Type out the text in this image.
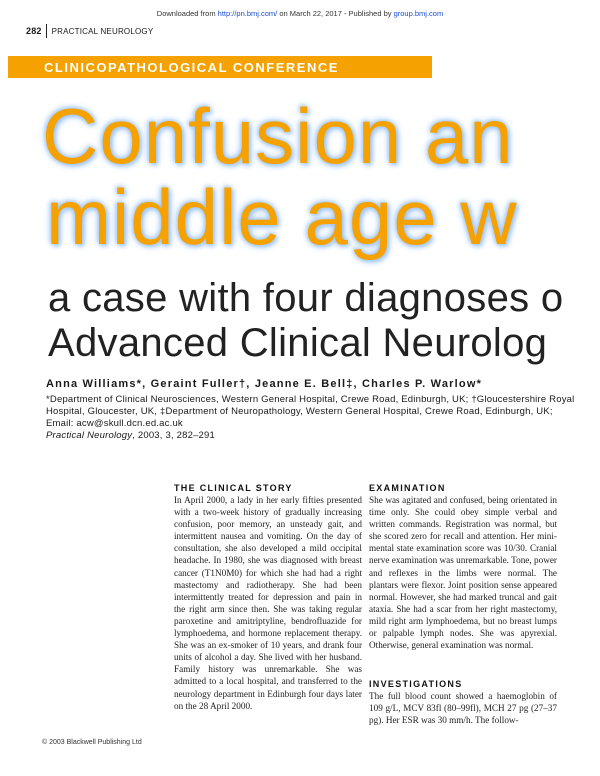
Downloaded from http://pn.bmj.com/ on March 22, 2017 - Published by group.bmj.com
282 PRACTICAL NEUROLOGY
CLINICOPATHOLOGICAL CONFERENCE
Confusion an
middle age w
a case with four diagnoses o
Advanced Clinical Neurolog
Anna Williams*, Geraint Fuller†, Jeanne E. Bell‡, Charles P. Warlow*
*Department of Clinical Neurosciences, Western General Hospital, Crewe Road, Edinburgh, UK; †Gloucestershire Royal Hospital, Gloucester, UK, ‡Department of Neuropathology, Western General Hospital, Crewe Road, Edinburgh, UK; Email: acw@skull.dcn.ed.ac.uk
Practical Neurology, 2003, 3, 282–291
THE CLINICAL STORY
In April 2000, a lady in her early fifties presented with a two-week history of gradually increasing confusion, poor memory, an unsteady gait, and intermittent nausea and vomiting. On the day of consultation, she also developed a mild occipital headache. In 1980, she was diagnosed with breast cancer (T1N0M0) for which she had had a right mastectomy and radiotherapy. She had been intermittently treated for depression and pain in the right arm since then. She was taking regular paroxetine and amitriptyline, bendrofluazide for lymphoedema, and hormone replacement therapy. She was an ex-smoker of 10 years, and drank four units of alcohol a day. She lived with her husband. Family history was unremarkable. She was admitted to a local hospital, and transferred to the neurology department in Edinburgh four days later on the 28 April 2000.
EXAMINATION
She was agitated and confused, being orientated in time only. She could obey simple verbal and written commands. Registration was normal, but she scored zero for recall and attention. Her mini-mental state examination score was 10/30. Cranial nerve examination was unremarkable. Tone, power and reflexes in the limbs were normal. The plantars were flexor. Joint position sense appeared normal. However, she had marked truncal and gait ataxia. She had a scar from her right mastectomy, mild right arm lymphoedema, but no breast lumps or palpable lymph nodes. She was apyrexial. Otherwise, general examination was normal.
INVESTIGATIONS
The full blood count showed a haemoglobin of 109 g/L, MCV 83fl (80–99fl), MCH 27 pg (27–37 pg). Her ESR was 30 mm/h. The follow-
© 2003 Blackwell Publishing Ltd
